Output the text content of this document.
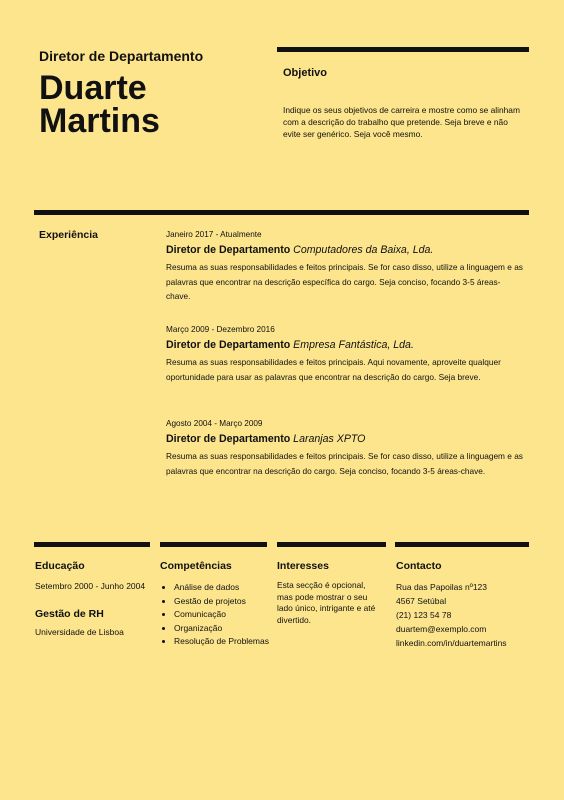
Diretor de Departamento
Duarte
Martins
Objetivo
Indique os seus objetivos de carreira e mostre como se alinham com a descrição do trabalho que pretende. Seja breve e não evite ser genérico. Seja você mesmo.
Experiência	Janeiro 2017 - Atualmente
Diretor de Departamento Computadores da Baixa, Lda.
Resuma as suas responsabilidades e feitos principais. Se for caso disso, utilize a linguagem e as palavras que encontrar na descrição específica do cargo. Seja conciso, focando 3-5 áreas-chave.
Março 2009 - Dezembro 2016
Diretor de Departamento Empresa Fantástica, Lda.
Resuma as suas responsabilidades e feitos principais. Aqui novamente, aproveite qualquer oportunidade para usar as palavras que encontrar na descrição do cargo. Seja breve.
Agosto 2004 - Março 2009
Diretor de Departamento Laranjas XPTO
Resuma as suas responsabilidades e feitos principais. Se for caso disso, utilize a linguagem e as palavras que encontrar na descrição do cargo. Seja conciso, focando 3-5 áreas-chave.
Educação
Setembro 2000 - Junho 2004
Gestão de RH
Universidade de Lisboa
Competências
• Análise de dados
• Gestão de projetos
• Comunicação
• Organização
• Resolução de Problemas
Interesses
Esta secção é opcional, mas pode mostrar o seu lado único, intrigante e até divertido.
Contacto
Rua das Papoilas nº123
4567 Setúbal
(21) 123 54 78
duartem@exemplo.com
linkedin.com/in/duartemartins
